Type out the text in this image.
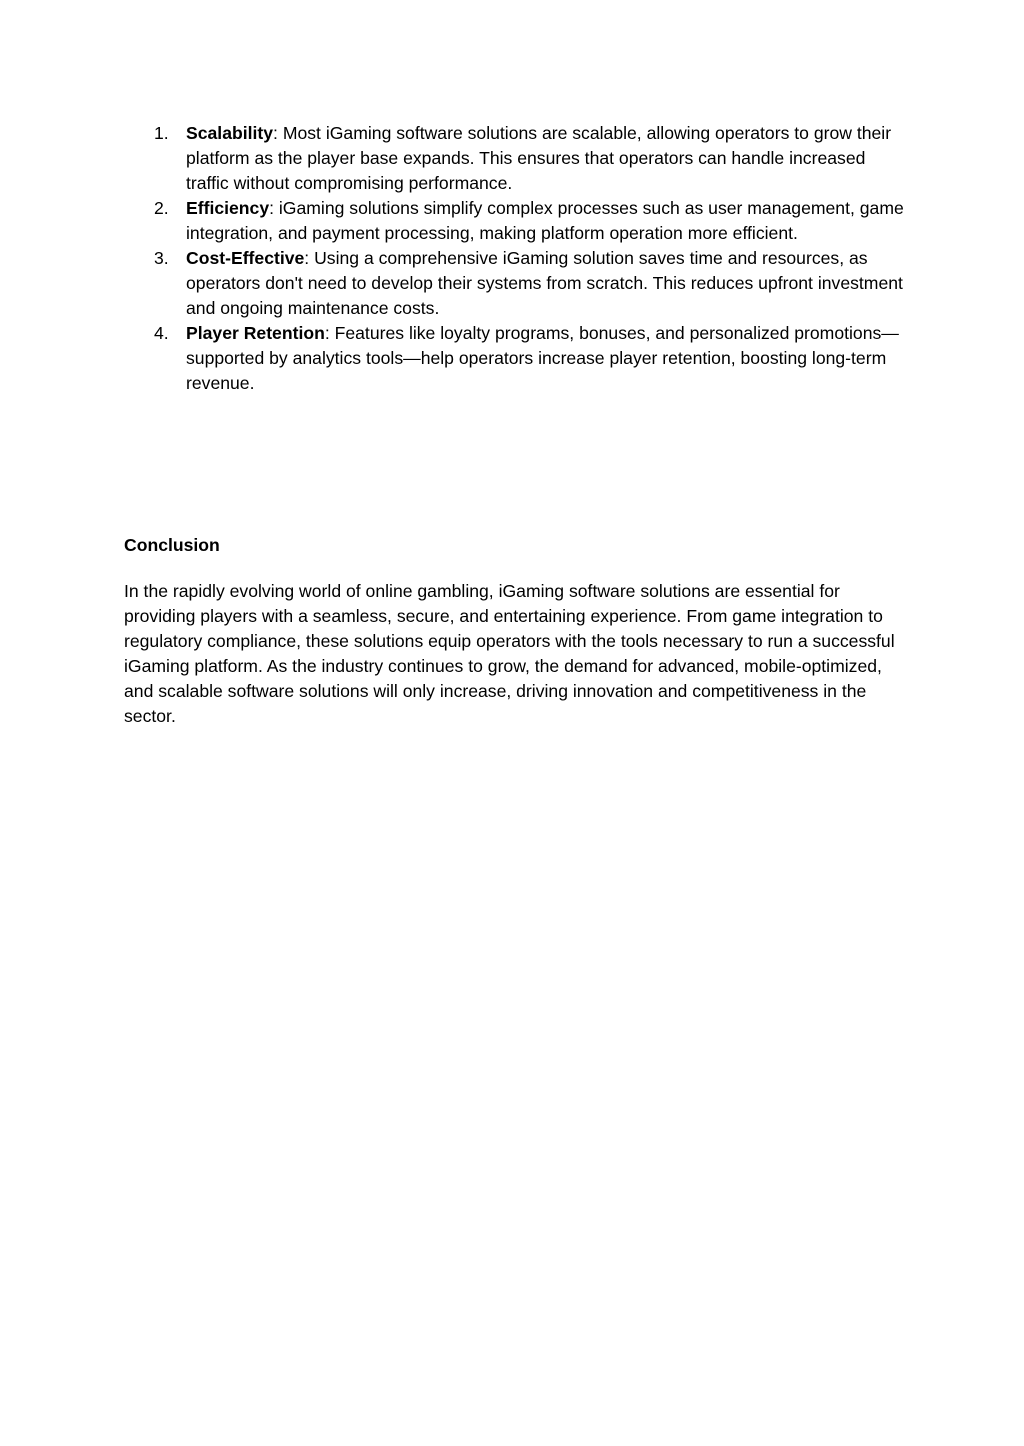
1. Scalability: Most iGaming software solutions are scalable, allowing operators to grow their platform as the player base expands. This ensures that operators can handle increased traffic without compromising performance.
2. Efficiency: iGaming solutions simplify complex processes such as user management, game integration, and payment processing, making platform operation more efficient.
3. Cost-Effective: Using a comprehensive iGaming solution saves time and resources, as operators don't need to develop their systems from scratch. This reduces upfront investment and ongoing maintenance costs.
4. Player Retention: Features like loyalty programs, bonuses, and personalized promotions—supported by analytics tools—help operators increase player retention, boosting long-term revenue.
Conclusion

In the rapidly evolving world of online gambling, iGaming software solutions are essential for providing players with a seamless, secure, and entertaining experience. From game integration to regulatory compliance, these solutions equip operators with the tools necessary to run a successful iGaming platform. As the industry continues to grow, the demand for advanced, mobile-optimized, and scalable software solutions will only increase, driving innovation and competitiveness in the sector.
